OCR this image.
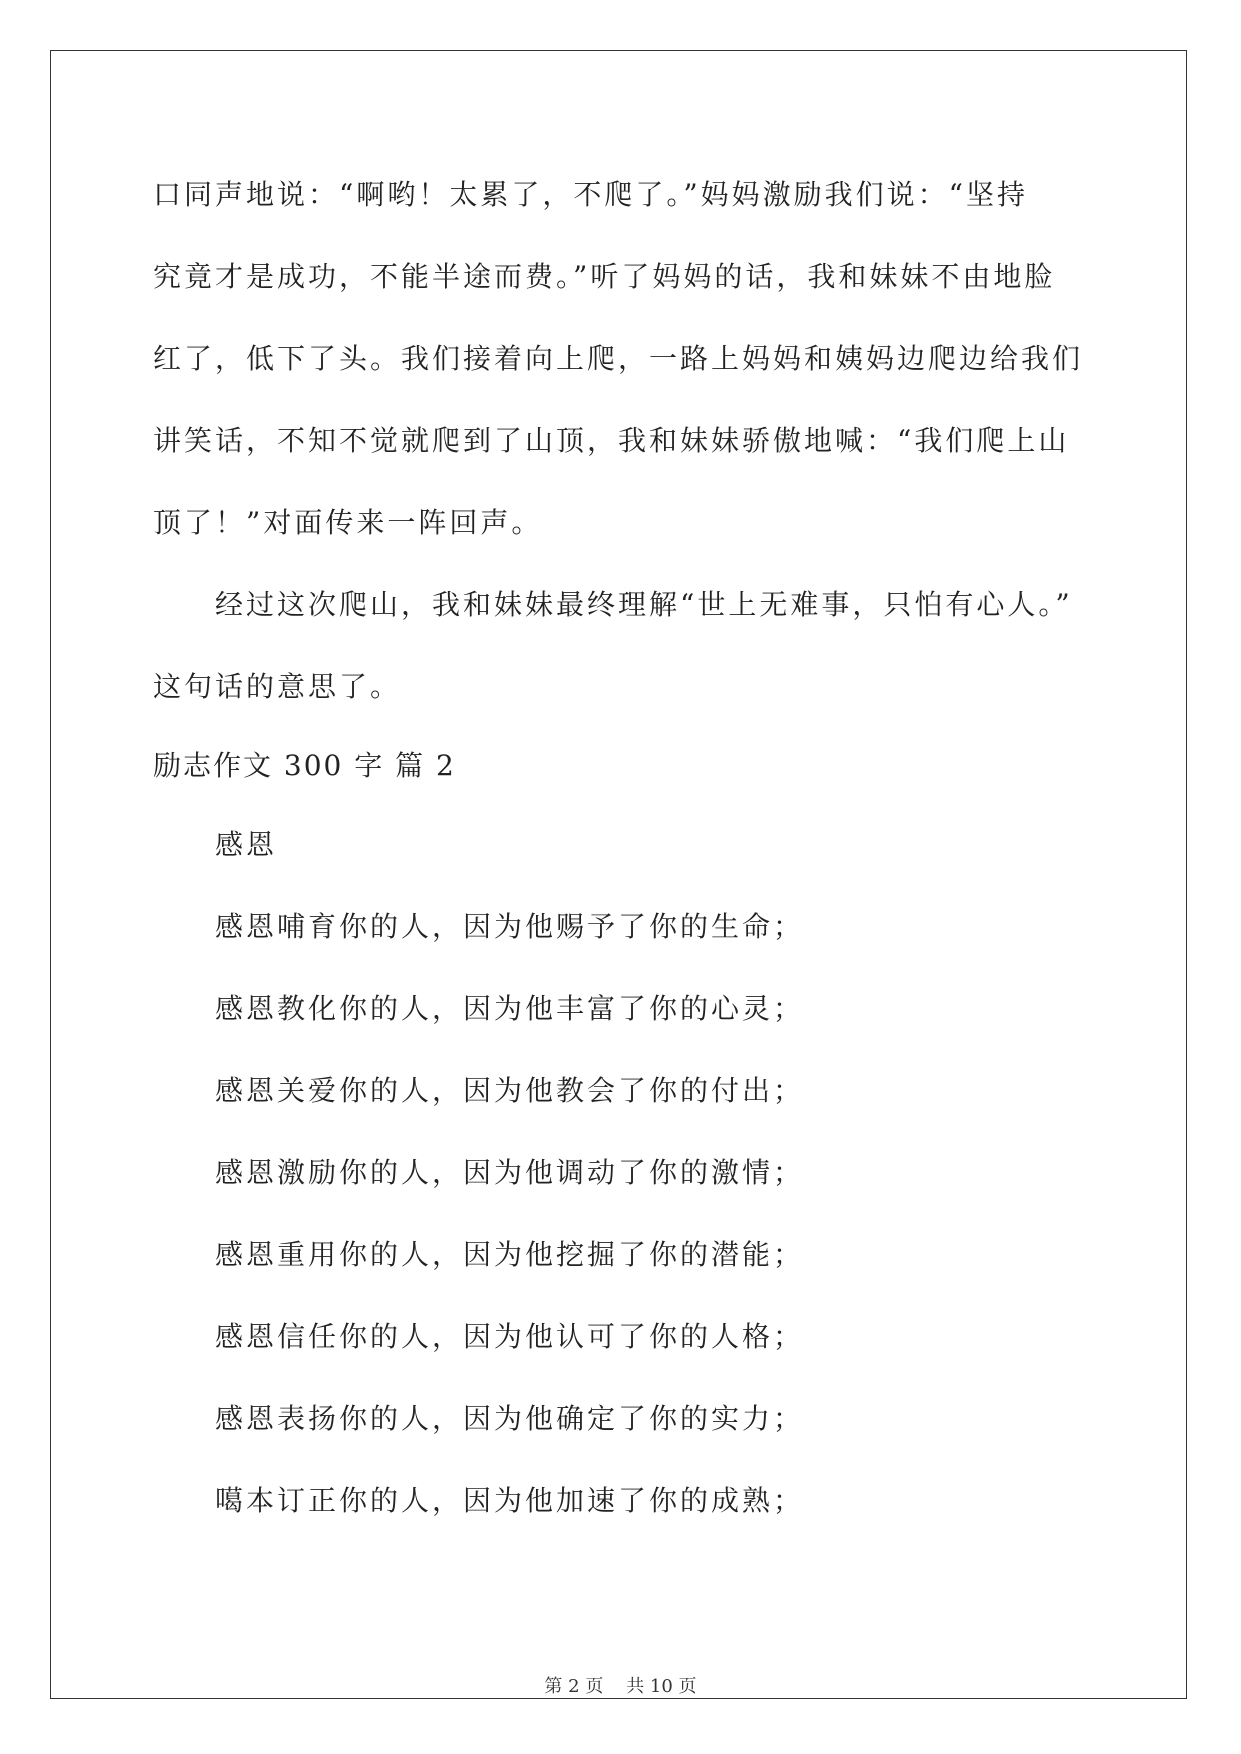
口同声地说：“啊哟！太累了，不爬了。”妈妈激励我们说：“坚持
究竟才是成功，不能半途而费。”听了妈妈的话，我和妹妹不由地脸
红了，低下了头。我们接着向上爬，一路上妈妈和姨妈边爬边给我们
讲笑话，不知不觉就爬到了山顶，我和妹妹骄傲地喊：“我们爬上山
顶了！”对面传来一阵回声。
经过这次爬山，我和妹妹最终理解“世上无难事，只怕有心人。”
这句话的意思了。
励志作文 300 字 篇 2
感恩
感恩哺育你的人，因为他赐予了你的生命；
感恩教化你的人，因为他丰富了你的心灵；
感恩关爱你的人，因为他教会了你的付出；
感恩激励你的人，因为他调动了你的激情；
感恩重用你的人，因为他挖掘了你的潜能；
感恩信任你的人，因为他认可了你的人格；
感恩表扬你的人，因为他确定了你的实力；
噶本订正你的人，因为他加速了你的成熟；
第 2 页    共 10 页
